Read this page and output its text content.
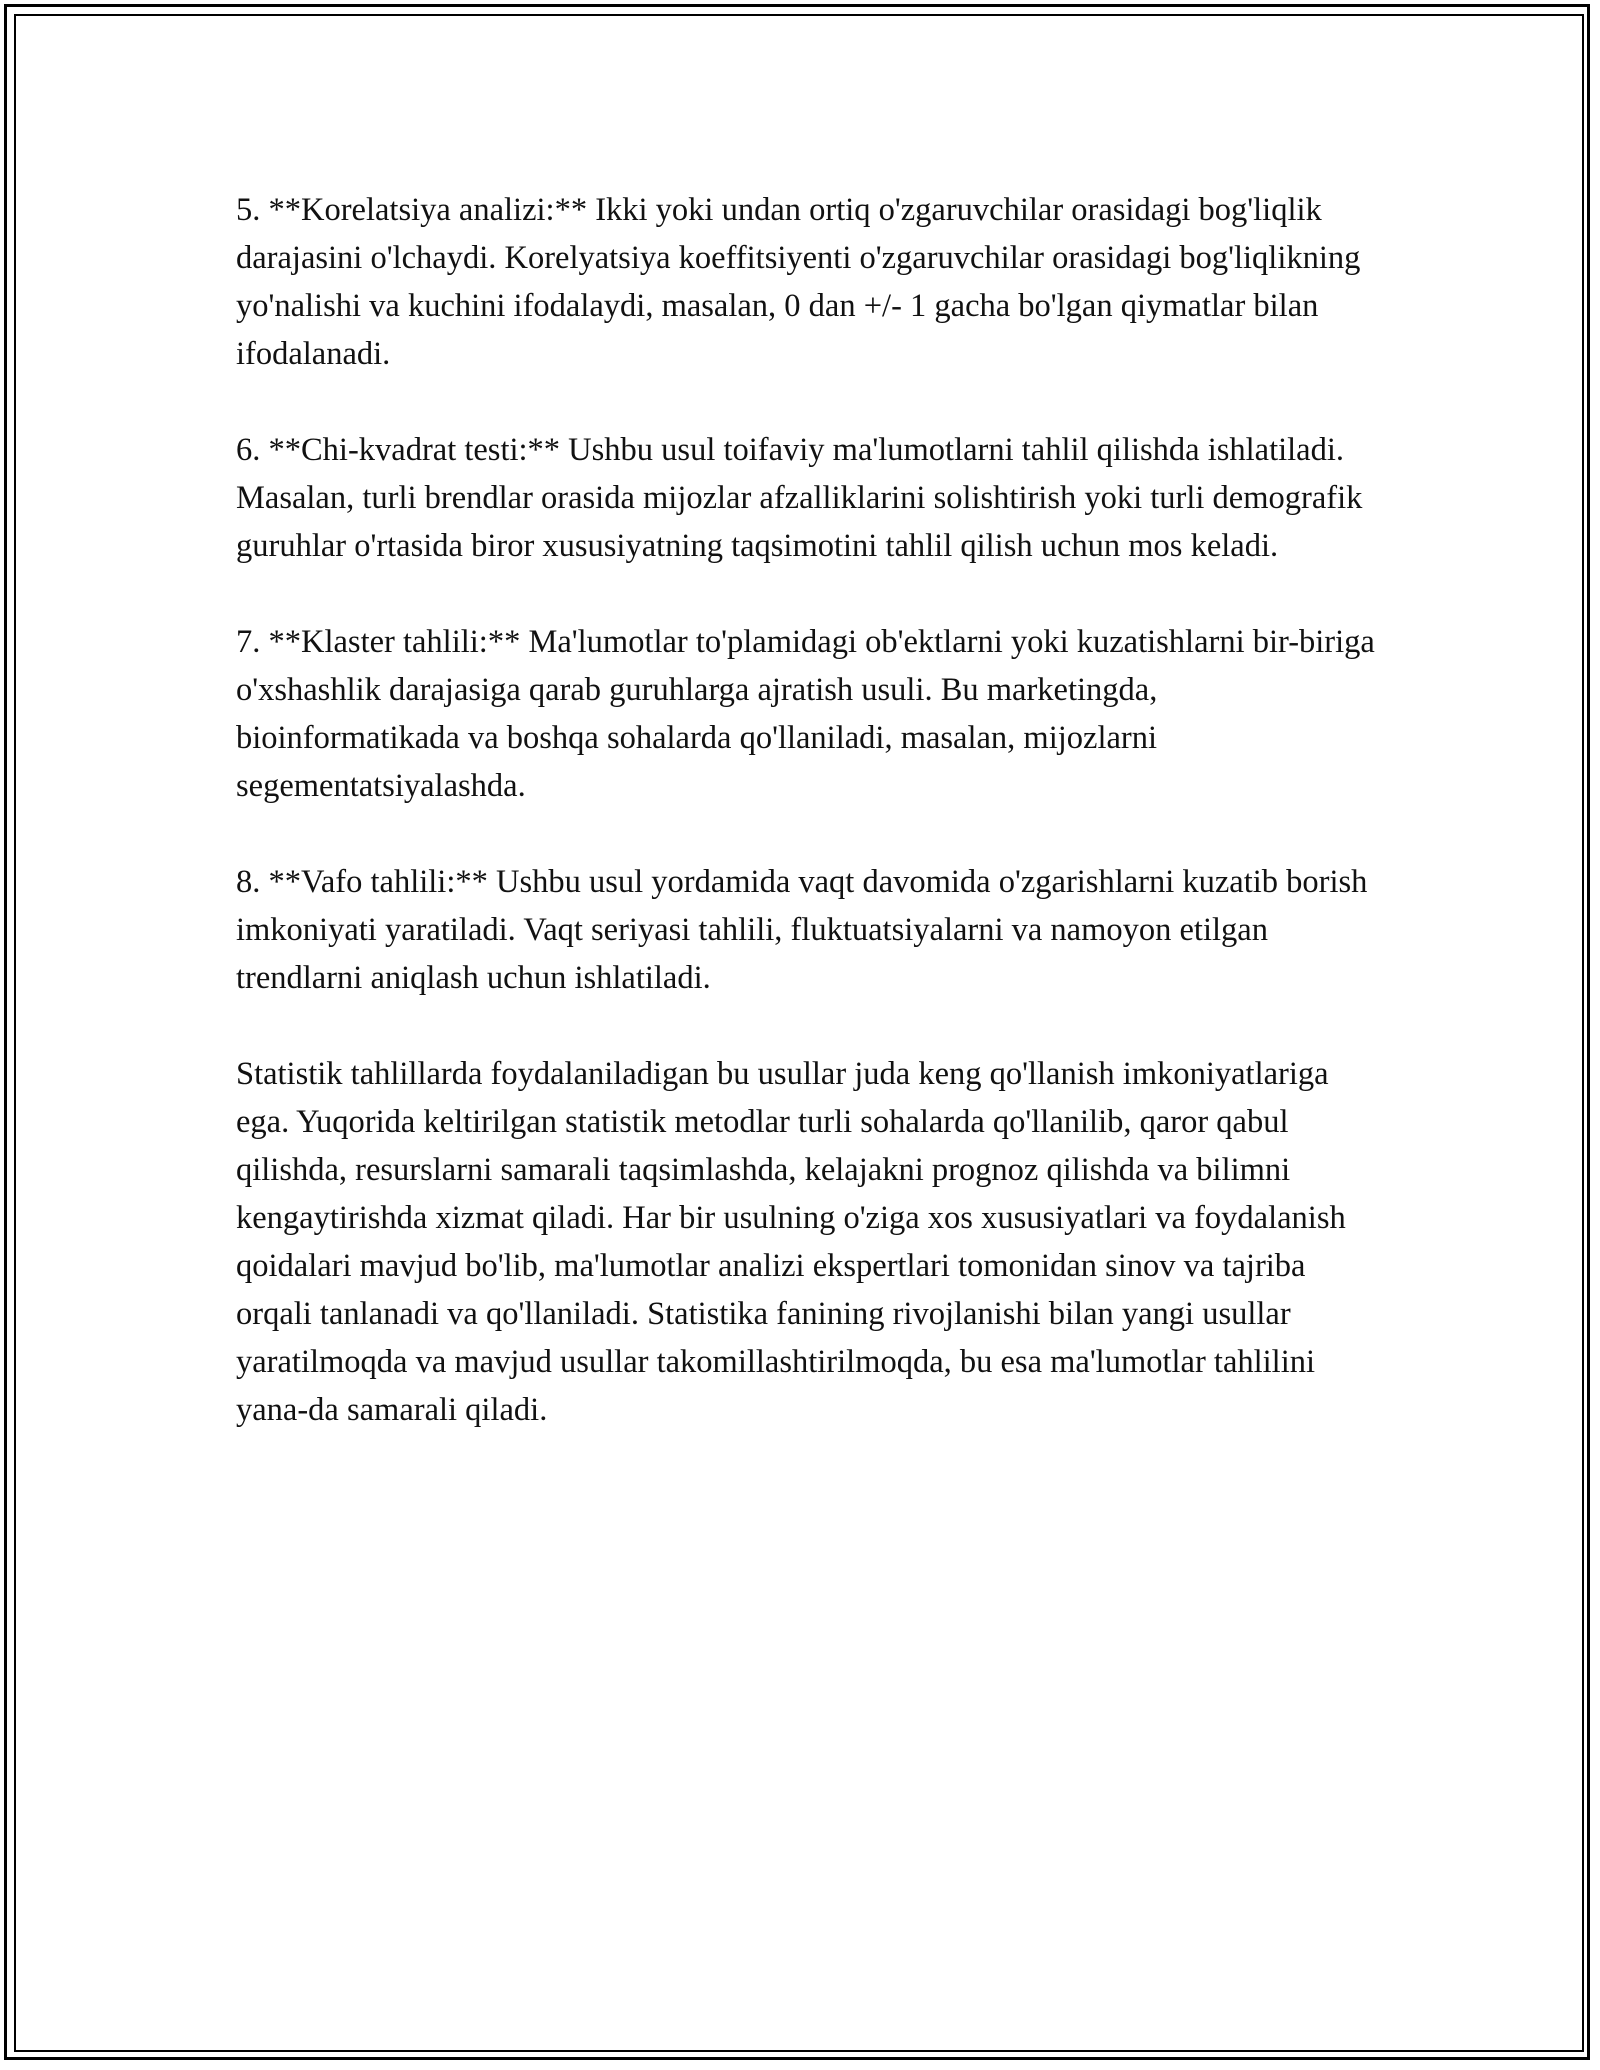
5. **Korelatsiya analizi:** Ikki yoki undan ortiq o'zgaruvchilar orasidagi bog'liqlik darajasini o'lchaydi. Korelyatsiya koeffitsiyenti o'zgaruvchilar orasidagi bog'liqlikning yo'nalishi va kuchini ifodalaydi, masalan, 0 dan +/- 1 gacha bo'lgan qiymatlar bilan ifodalanadi.

6. **Chi-kvadrat testi:** Ushbu usul toifaviy ma'lumotlarni tahlil qilishda ishlatiladi. Masalan, turli brendlar orasida mijozlar afzalliklarini solishtirish yoki turli demografik guruhlar o'rtasida biror xususiyatning taqsimotini tahlil qilish uchun mos keladi.

7. **Klaster tahlili:** Ma'lumotlar to'plamidagi ob'ektlarni yoki kuzatishlarni bir-biriga o'xshashlik darajasiga qarab guruhlarga ajratish usuli. Bu marketingda, bioinformatikada va boshqa sohalarda qo'llaniladi, masalan, mijozlarni segementatsiyalashda.

8. **Vafo tahlili:** Ushbu usul yordamida vaqt davomida o'zgarishlarni kuzatib borish imkoniyati yaratiladi. Vaqt seriyasi tahlili, fluktuatsiyalarni va namoyon etilgan trendlarni aniqlash uchun ishlatiladi.

Statistik tahlillarda foydalaniladigan bu usullar juda keng qo'llanish imkoniyatlariga ega. Yuqorida keltirilgan statistik metodlar turli sohalarda qo'llanilib, qaror qabul qilishda, resurslarni samarali taqsimlashda, kelajakni prognoz qilishda va bilimni kengaytirishda xizmat qiladi. Har bir usulning o'ziga xos xususiyatlari va foydalanish qoidalari mavjud bo'lib, ma'lumotlar analizi ekspertlari tomonidan sinov va tajriba orqali tanlanadi va qo'llaniladi. Statistika fanining rivojlanishi bilan yangi usullar yaratilmoqda va mavjud usullar takomillashtirilmoqda, bu esa ma'lumotlar tahlilini yana-da samarali qiladi.
